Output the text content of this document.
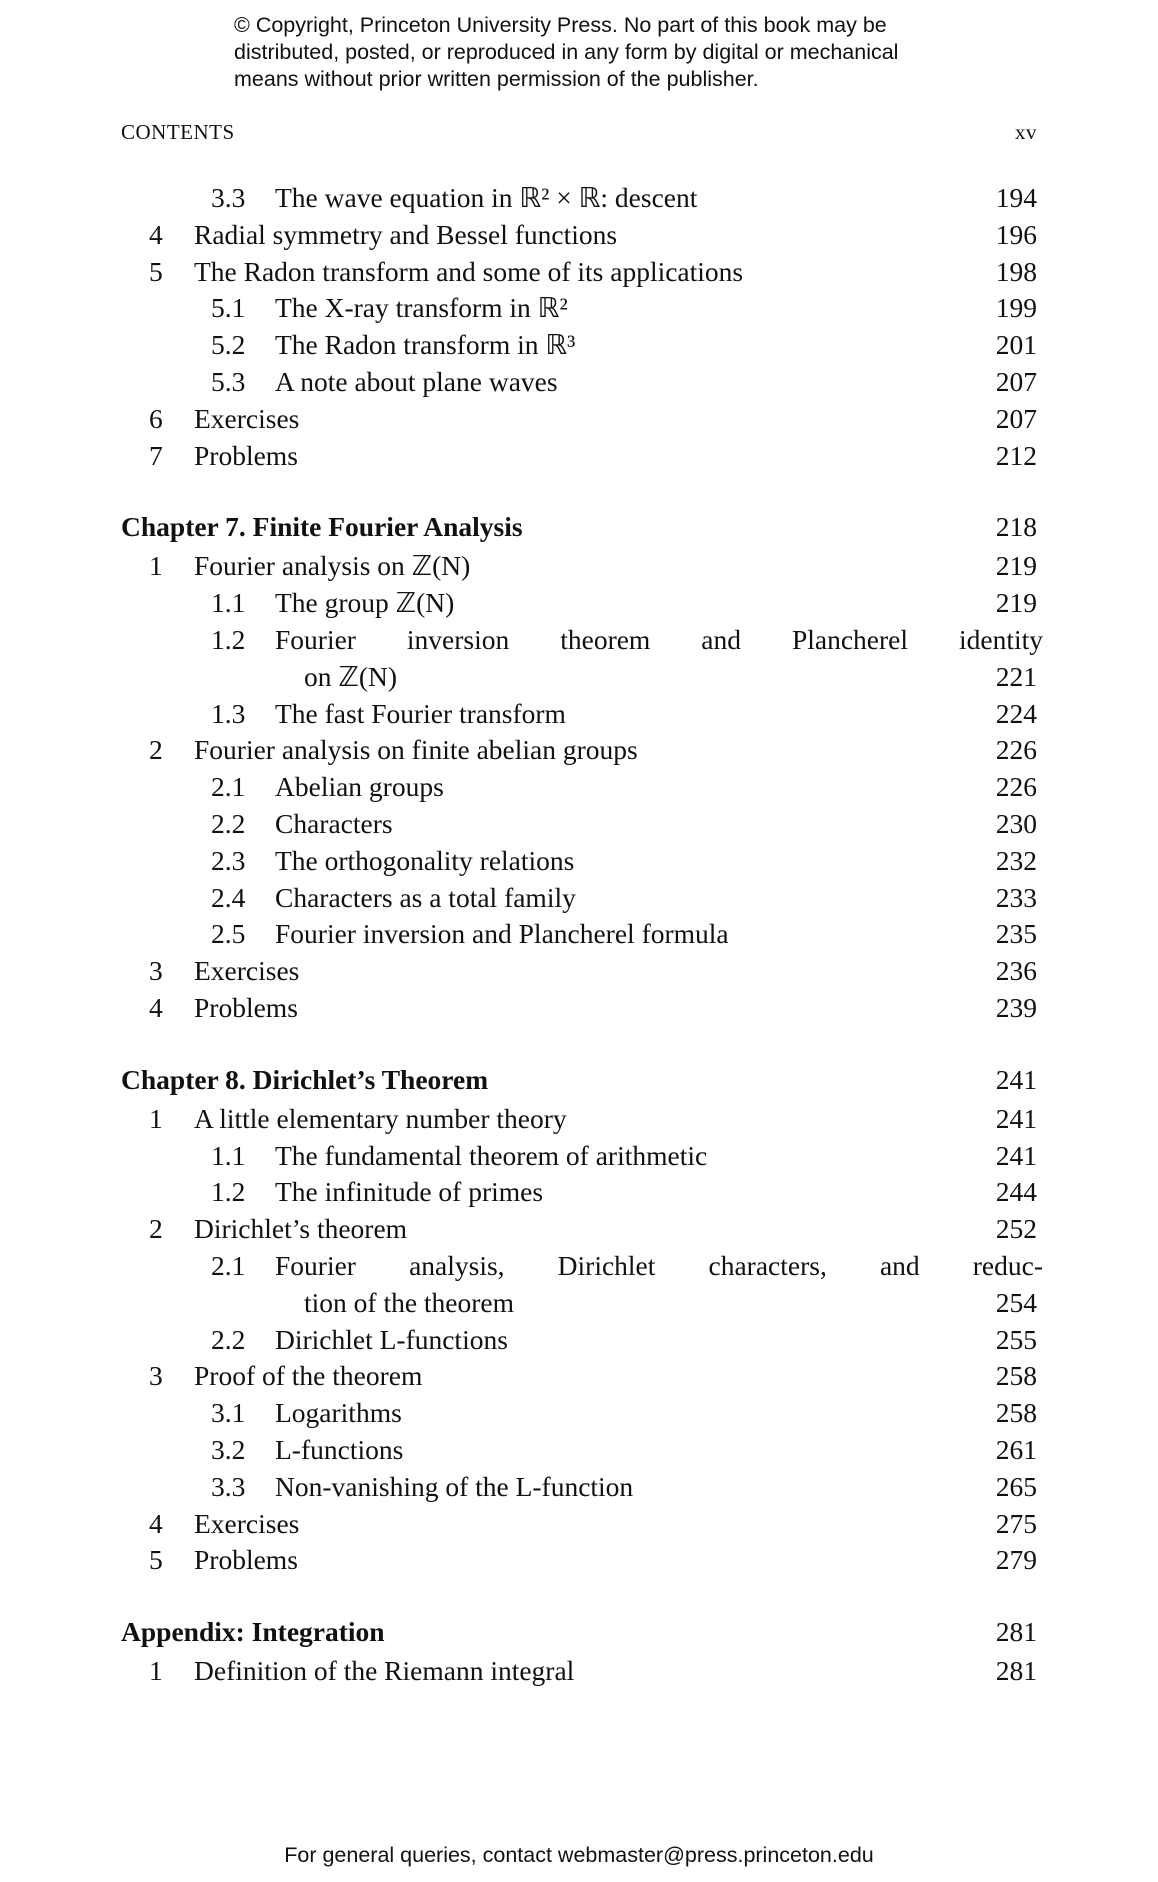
© Copyright, Princeton University Press. No part of this book may be
distributed, posted, or reproduced in any form by digital or mechanical
means without prior written permission of the publisher.
CONTENTS	xv
3.3 The wave equation in ℝ² × ℝ: descent	194
4 Radial symmetry and Bessel functions	196
5 The Radon transform and some of its applications	198
5.1 The X-ray transform in ℝ²	199
5.2 The Radon transform in ℝ³	201
5.3 A note about plane waves	207
6 Exercises	207
7 Problems	212
Chapter 7. Finite Fourier Analysis	218
1 Fourier analysis on ℤ(N)	219
1.1 The group ℤ(N)	219
1.2 Fourier inversion theorem and Plancherel identity
on ℤ(N)	221
1.3 The fast Fourier transform	224
2 Fourier analysis on finite abelian groups	226
2.1 Abelian groups	226
2.2 Characters	230
2.3 The orthogonality relations	232
2.4 Characters as a total family	233
2.5 Fourier inversion and Plancherel formula	235
3 Exercises	236
4 Problems	239
Chapter 8. Dirichlet’s Theorem	241
1 A little elementary number theory	241
1.1 The fundamental theorem of arithmetic	241
1.2 The infinitude of primes	244
2 Dirichlet’s theorem	252
2.1 Fourier analysis, Dirichlet characters, and reduc-
tion of the theorem	254
2.2 Dirichlet L-functions	255
3 Proof of the theorem	258
3.1 Logarithms	258
3.2 L-functions	261
3.3 Non-vanishing of the L-function	265
4 Exercises	275
5 Problems	279
Appendix: Integration	281
1 Definition of the Riemann integral	281
For general queries, contact webmaster@press.princeton.edu
